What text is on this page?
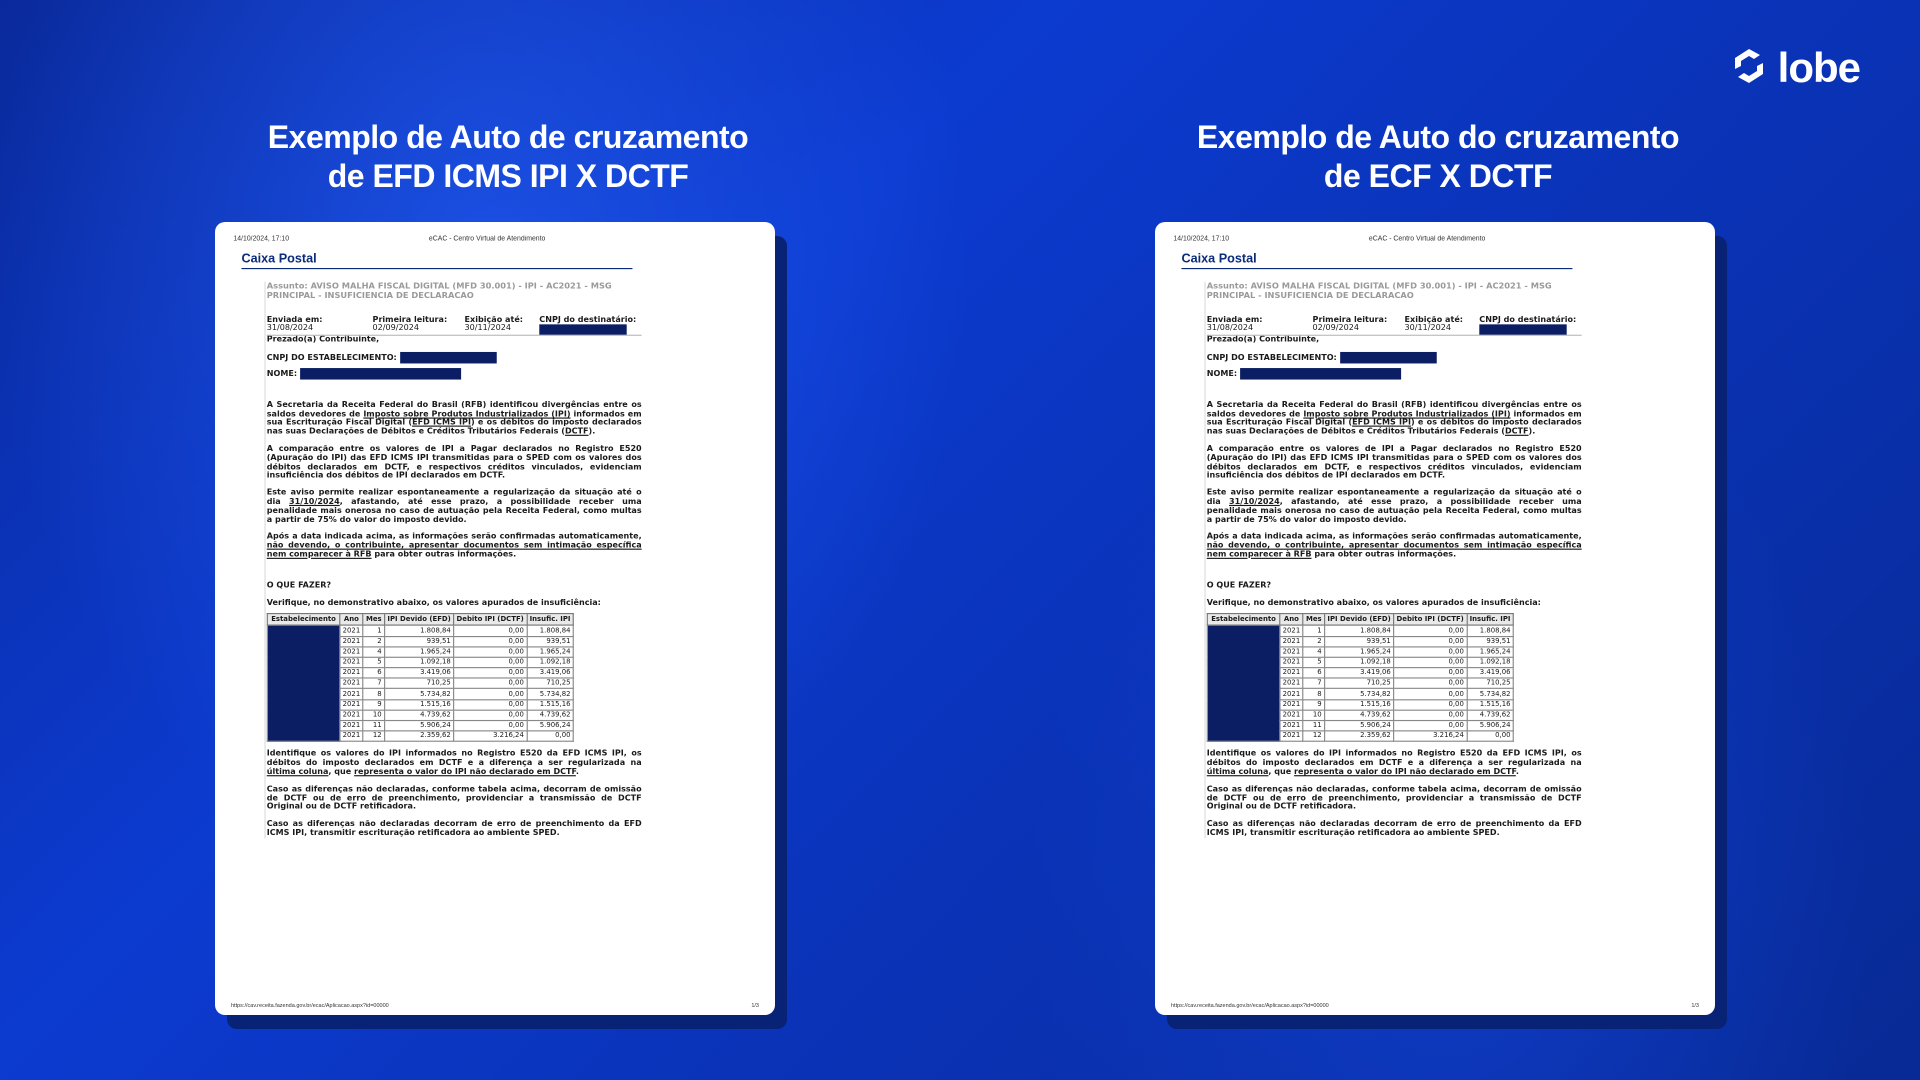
lobe
Exemplo de Auto de cruzamento
de EFD ICMS IPI X DCTF
14/10/2024, 17:10	eCAC - Centro Virtual de Atendimento
Caixa Postal
Assunto: AVISO MALHA FISCAL DIGITAL (MFD 30.001) - IPI - AC2021 - MSG PRINCIPAL - INSUFICIENCIA DE DECLARACAO
Enviada em:
31/08/2024
Primeira leitura:
02/09/2024
Exibição até:
30/11/2024
CNPJ do destinatário:
Prezado(a) Contribuinte,
CNPJ DO ESTABELECIMENTO:
NOME:
A Secretaria da Receita Federal do Brasil (RFB) identificou divergências entre os saldos devedores de Imposto sobre Produtos Industrializados (IPI) informados em sua Escrituração Fiscal Digital (EFD ICMS IPI) e os débitos do imposto declarados nas suas Declarações de Débitos e Créditos Tributários Federais (DCTF).
A comparação entre os valores de IPI a Pagar declarados no Registro E520 (Apuração do IPI) das EFD ICMS IPI transmitidas para o SPED com os valores dos débitos declarados em DCTF, e respectivos créditos vinculados, evidenciam insuficiência dos débitos de IPI declarados em DCTF.
Este aviso permite realizar espontaneamente a regularização da situação até o dia 31/10/2024, afastando, até esse prazo, a possibilidade receber uma penalidade mais onerosa no caso de autuação pela Receita Federal, como multas a partir de 75% do valor do imposto devido.
Após a data indicada acima, as informações serão confirmadas automaticamente, não devendo, o contribuinte, apresentar documentos sem intimação específica nem comparecer à RFB para obter outras informações.
O QUE FAZER?
Verifique, no demonstrativo abaixo, os valores apurados de insuficiência:
Estabelecimento	Ano	Mes	IPI Devido (EFD)	Debito IPI (DCTF)	Insufic. IPI
	2021	1	1.808,84	0,00	1.808,84
	2021	2	939,51	0,00	939,51
	2021	4	1.965,24	0,00	1.965,24
	2021	5	1.092,18	0,00	1.092,18
	2021	6	3.419,06	0,00	3.419,06
	2021	7	710,25	0,00	710,25
	2021	8	5.734,82	0,00	5.734,82
	2021	9	1.515,16	0,00	1.515,16
	2021	10	4.739,62	0,00	4.739,62
	2021	11	5.906,24	0,00	5.906,24
	2021	12	2.359,62	3.216,24	0,00
Identifique os valores do IPI informados no Registro E520 da EFD ICMS IPI, os débitos do imposto declarados em DCTF e a diferença a ser regularizada na última coluna, que representa o valor do IPI não declarado em DCTF.
Caso as diferenças não declaradas, conforme tabela acima, decorram de omissão de DCTF ou de erro de preenchimento, providenciar a transmissão de DCTF Original ou de DCTF retificadora.
Caso as diferenças não declaradas decorram de erro de preenchimento da EFD ICMS IPI, transmitir escrituração retificadora ao ambiente SPED.
https://cav.receita.fazenda.gov.br/ecac/Aplicacao.aspx?id=00000	1/3
Exemplo de Auto do cruzamento
de ECF X DCTF
14/10/2024, 17:10	eCAC - Centro Virtual de Atendimento
Caixa Postal
Assunto: AVISO MALHA FISCAL DIGITAL (MFD 30.001) - IPI - AC2021 - MSG PRINCIPAL - INSUFICIENCIA DE DECLARACAO
Enviada em:
31/08/2024
Primeira leitura:
02/09/2024
Exibição até:
30/11/2024
CNPJ do destinatário:
Prezado(a) Contribuinte,
CNPJ DO ESTABELECIMENTO:
NOME:
A Secretaria da Receita Federal do Brasil (RFB) identificou divergências entre os saldos devedores de Imposto sobre Produtos Industrializados (IPI) informados em sua Escrituração Fiscal Digital (EFD ICMS IPI) e os débitos do imposto declarados nas suas Declarações de Débitos e Créditos Tributários Federais (DCTF).
A comparação entre os valores de IPI a Pagar declarados no Registro E520 (Apuração do IPI) das EFD ICMS IPI transmitidas para o SPED com os valores dos débitos declarados em DCTF, e respectivos créditos vinculados, evidenciam insuficiência dos débitos de IPI declarados em DCTF.
Este aviso permite realizar espontaneamente a regularização da situação até o dia 31/10/2024, afastando, até esse prazo, a possibilidade receber uma penalidade mais onerosa no caso de autuação pela Receita Federal, como multas a partir de 75% do valor do imposto devido.
Após a data indicada acima, as informações serão confirmadas automaticamente, não devendo, o contribuinte, apresentar documentos sem intimação específica nem comparecer à RFB para obter outras informações.
O QUE FAZER?
Verifique, no demonstrativo abaixo, os valores apurados de insuficiência:
Estabelecimento	Ano	Mes	IPI Devido (EFD)	Debito IPI (DCTF)	Insufic. IPI
	2021	1	1.808,84	0,00	1.808,84
	2021	2	939,51	0,00	939,51
	2021	4	1.965,24	0,00	1.965,24
	2021	5	1.092,18	0,00	1.092,18
	2021	6	3.419,06	0,00	3.419,06
	2021	7	710,25	0,00	710,25
	2021	8	5.734,82	0,00	5.734,82
	2021	9	1.515,16	0,00	1.515,16
	2021	10	4.739,62	0,00	4.739,62
	2021	11	5.906,24	0,00	5.906,24
	2021	12	2.359,62	3.216,24	0,00
Identifique os valores do IPI informados no Registro E520 da EFD ICMS IPI, os débitos do imposto declarados em DCTF e a diferença a ser regularizada na última coluna, que representa o valor do IPI não declarado em DCTF.
Caso as diferenças não declaradas, conforme tabela acima, decorram de omissão de DCTF ou de erro de preenchimento, providenciar a transmissão de DCTF Original ou de DCTF retificadora.
Caso as diferenças não declaradas decorram de erro de preenchimento da EFD ICMS IPI, transmitir escrituração retificadora ao ambiente SPED.
https://cav.receita.fazenda.gov.br/ecac/Aplicacao.aspx?id=00000	1/3
